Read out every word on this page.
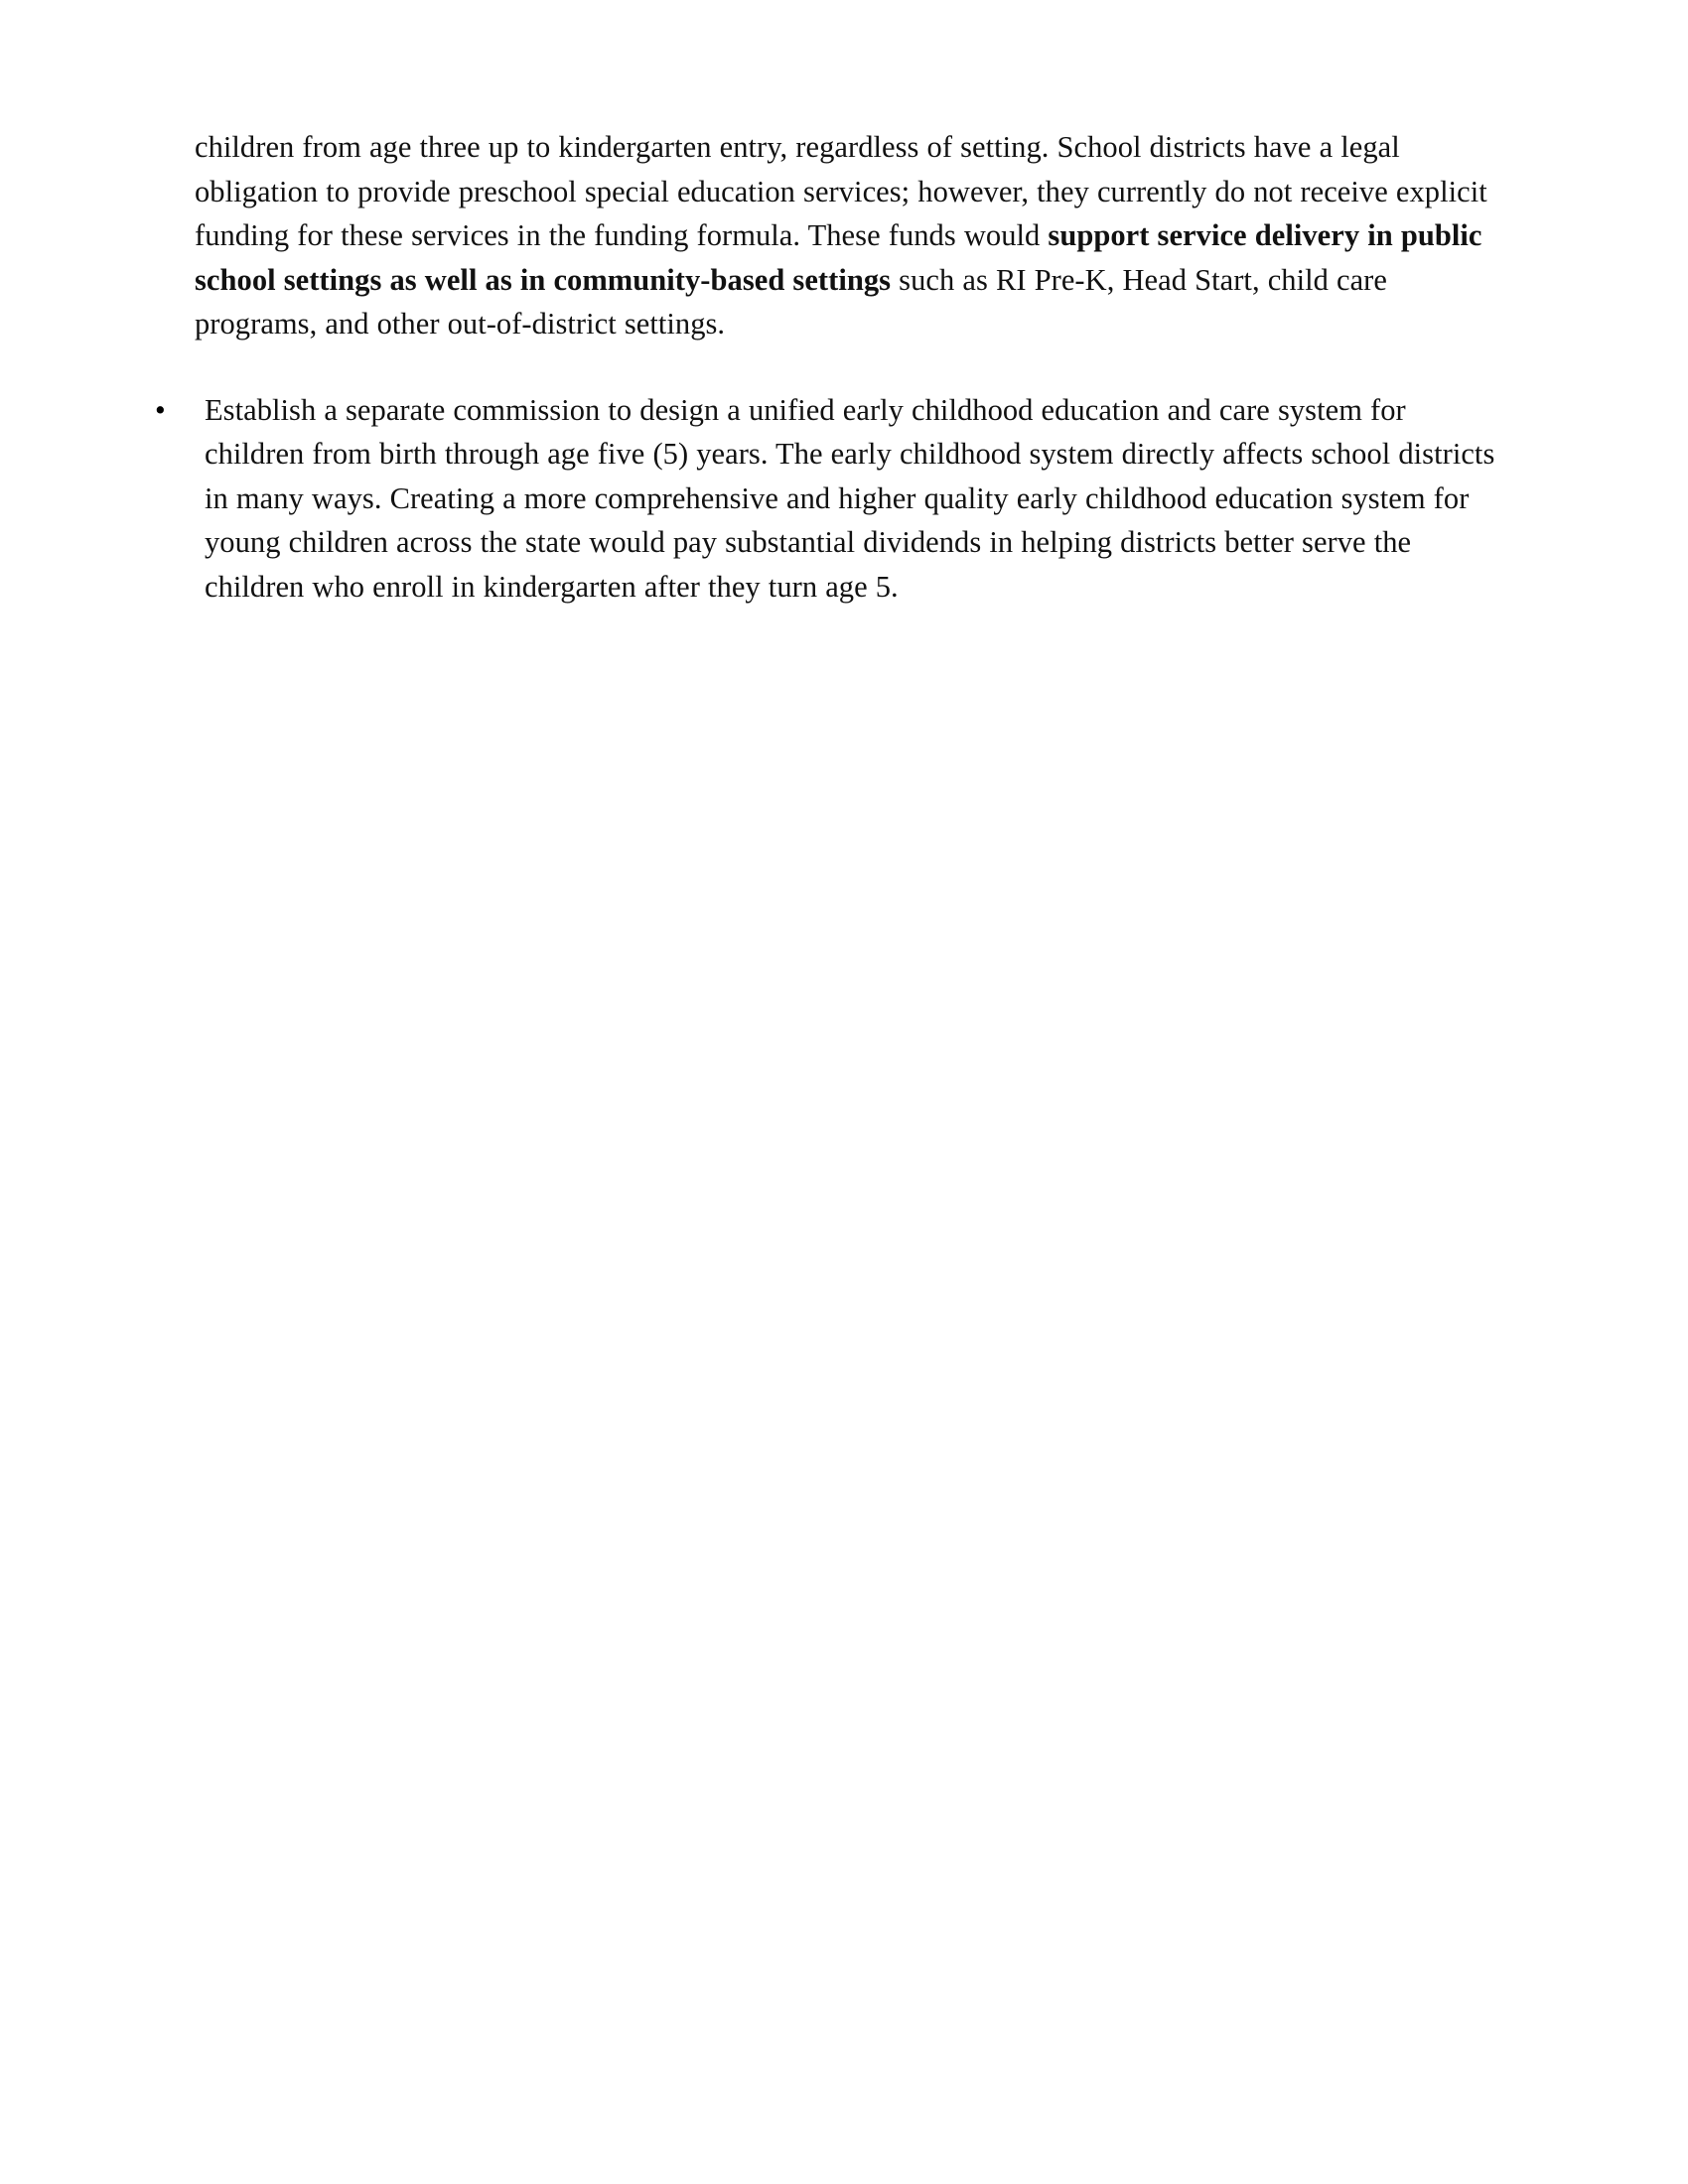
children from age three up to kindergarten entry, regardless of setting. School districts have a legal obligation to provide preschool special education services; however, they currently do not receive explicit funding for these services in the funding formula. These funds would support service delivery in public school settings as well as in community-based settings such as RI Pre-K, Head Start, child care programs, and other out-of-district settings.

•	Establish a separate commission to design a unified early childhood education and care system for children from birth through age five (5) years. The early childhood system directly affects school districts in many ways. Creating a more comprehensive and higher quality early childhood education system for young children across the state would pay substantial dividends in helping districts better serve the children who enroll in kindergarten after they turn age 5.
